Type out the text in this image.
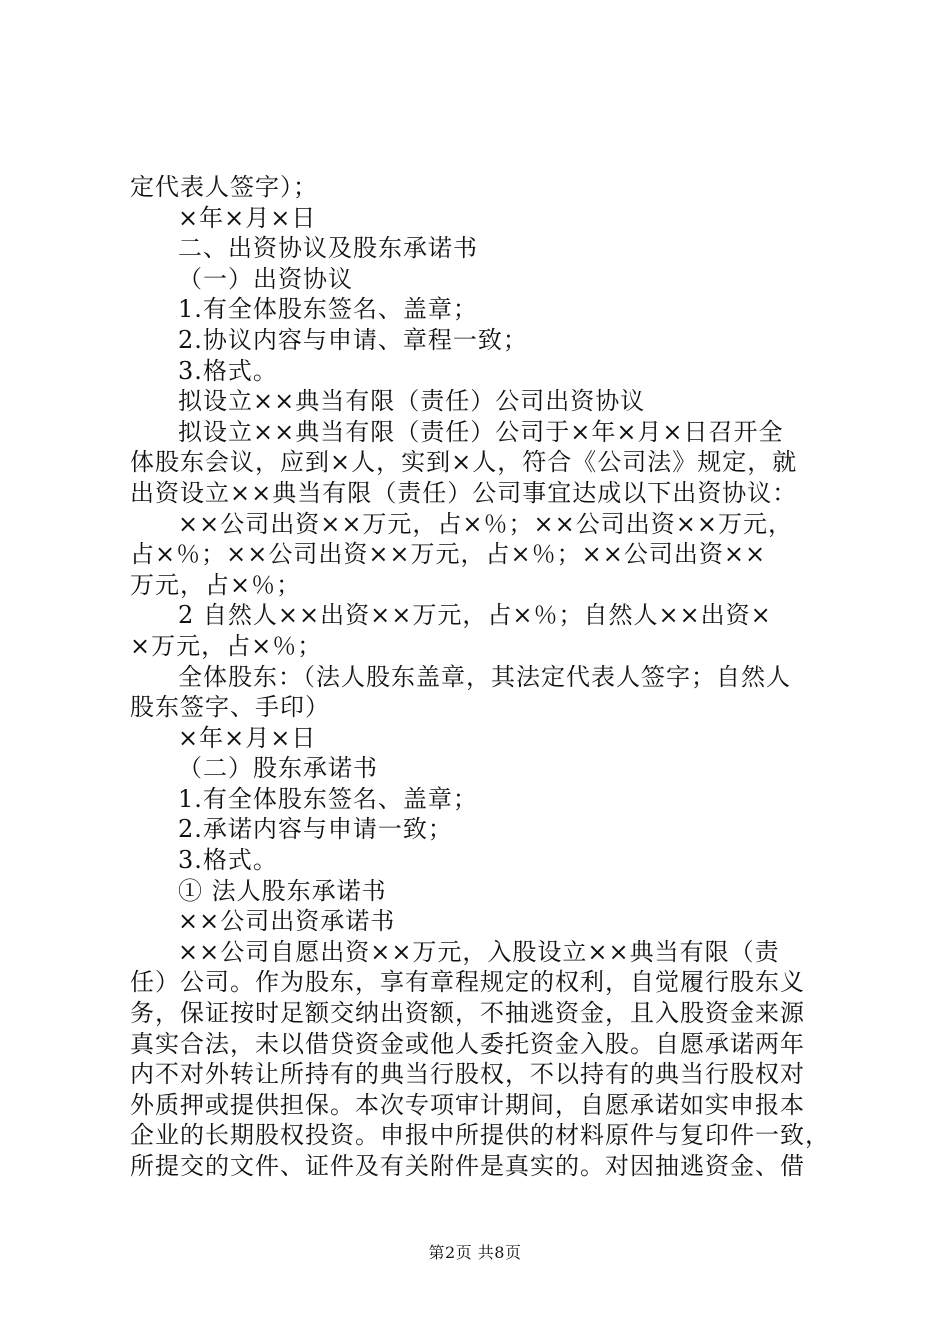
定代表人签字）；
×年×月×日
二、出资协议及股东承诺书
（一）出资协议
1.有全体股东签名、盖章；
2.协议内容与申请、章程一致；
3.格式。
拟设立××典当有限（责任）公司出资协议
拟设立××典当有限（责任）公司于×年×月×日召开全
体股东会议，应到×人，实到×人，符合《公司法》规定，就
出资设立××典当有限（责任）公司事宜达成以下出资协议：
××公司出资××万元，占×％；××公司出资××万元，
占×％；××公司出资××万元，占×％；××公司出资××
万元，占×％；
2 自然人××出资××万元，占×％；自然人××出资×
×万元，占×％；
全体股东：（法人股东盖章，其法定代表人签字；自然人
股东签字、手印）
×年×月×日
（二）股东承诺书
1.有全体股东签名、盖章；
2.承诺内容与申请一致；
3.格式。
① 法人股东承诺书
××公司出资承诺书
××公司自愿出资××万元，入股设立××典当有限（责
任）公司。作为股东，享有章程规定的权利，自觉履行股东义
务，保证按时足额交纳出资额，不抽逃资金，且入股资金来源
真实合法，未以借贷资金或他人委托资金入股。自愿承诺两年
内不对外转让所持有的典当行股权，不以持有的典当行股权对
外质押或提供担保。本次专项审计期间，自愿承诺如实申报本
企业的长期股权投资。申报中所提供的材料原件与复印件一致，
所提交的文件、证件及有关附件是真实的。对因抽逃资金、借
第2页 共8页
